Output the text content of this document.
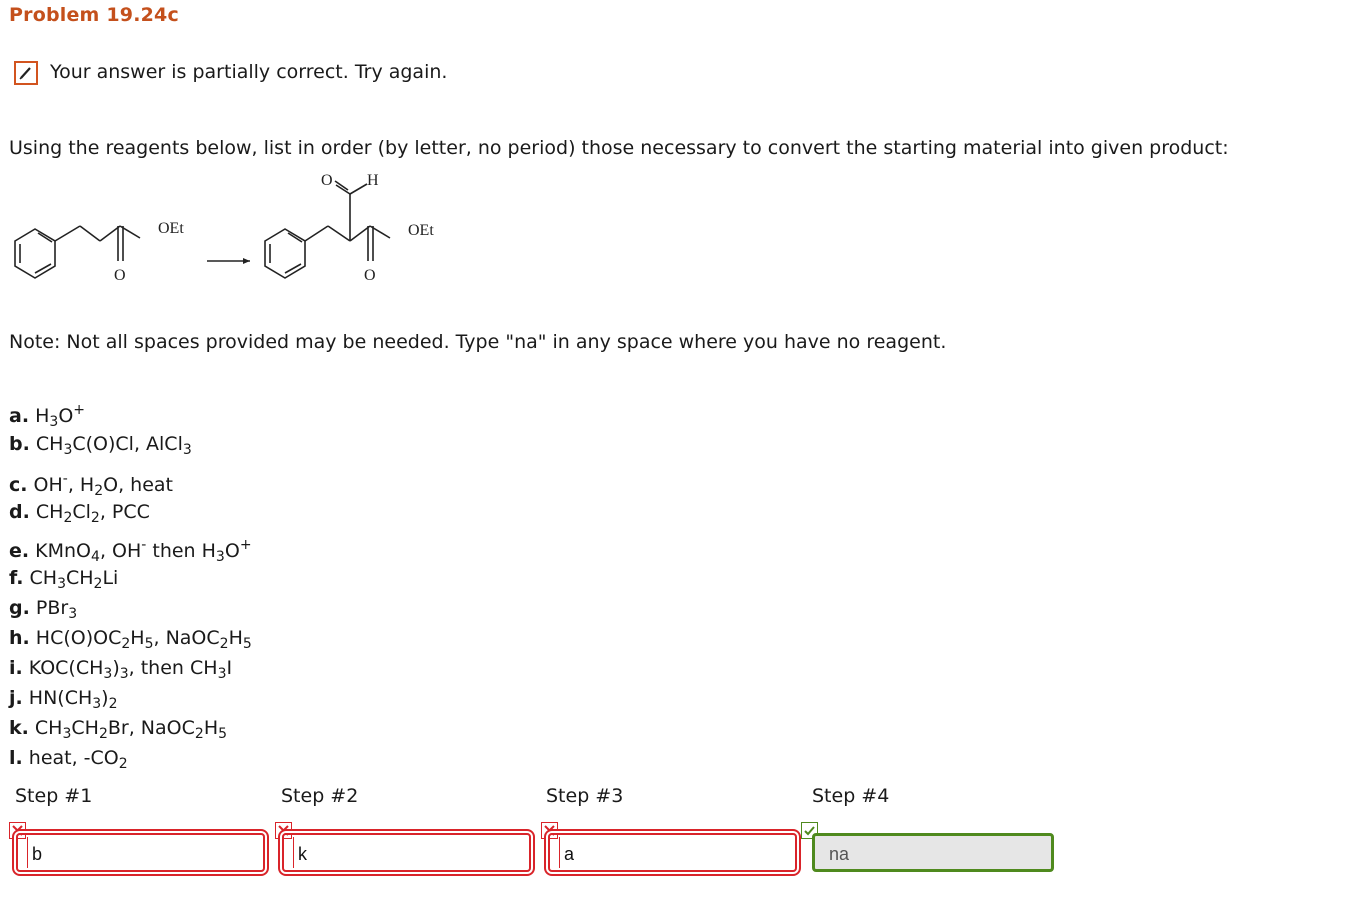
Problem 19.24c
Your answer is partially correct. Try again.
Using the reagents below, list in order (by letter, no period) those necessary to convert the starting material into given product:
OEt
O
O H
OEt
O
Note: Not all spaces provided may be needed. Type "na" in any space where you have no reagent.
a. $H_3O^+$
b. $CH_3C(O)Cl$, AlCl$_3$
c. OH-, $H_2O$, heat
d. $CH_2Cl_2$, PCC
e. KMnO$_4$, OH- then $H_3O^+$
f. $CH_3CH_2Li$
g. PBr$_3$
h. $HC(O)OC_2H_5$, $NaOC_2H_5$
i. $KOC(CH_3)_3$, then $CH_3I$
j. $HN(CH_3)_2$
k. $CH_3CH_2Br$, $NaOC_2H_5$
l. heat, $-CO_2$
Step #1	Step #2	Step #3	Step #4
b
k
a
na
